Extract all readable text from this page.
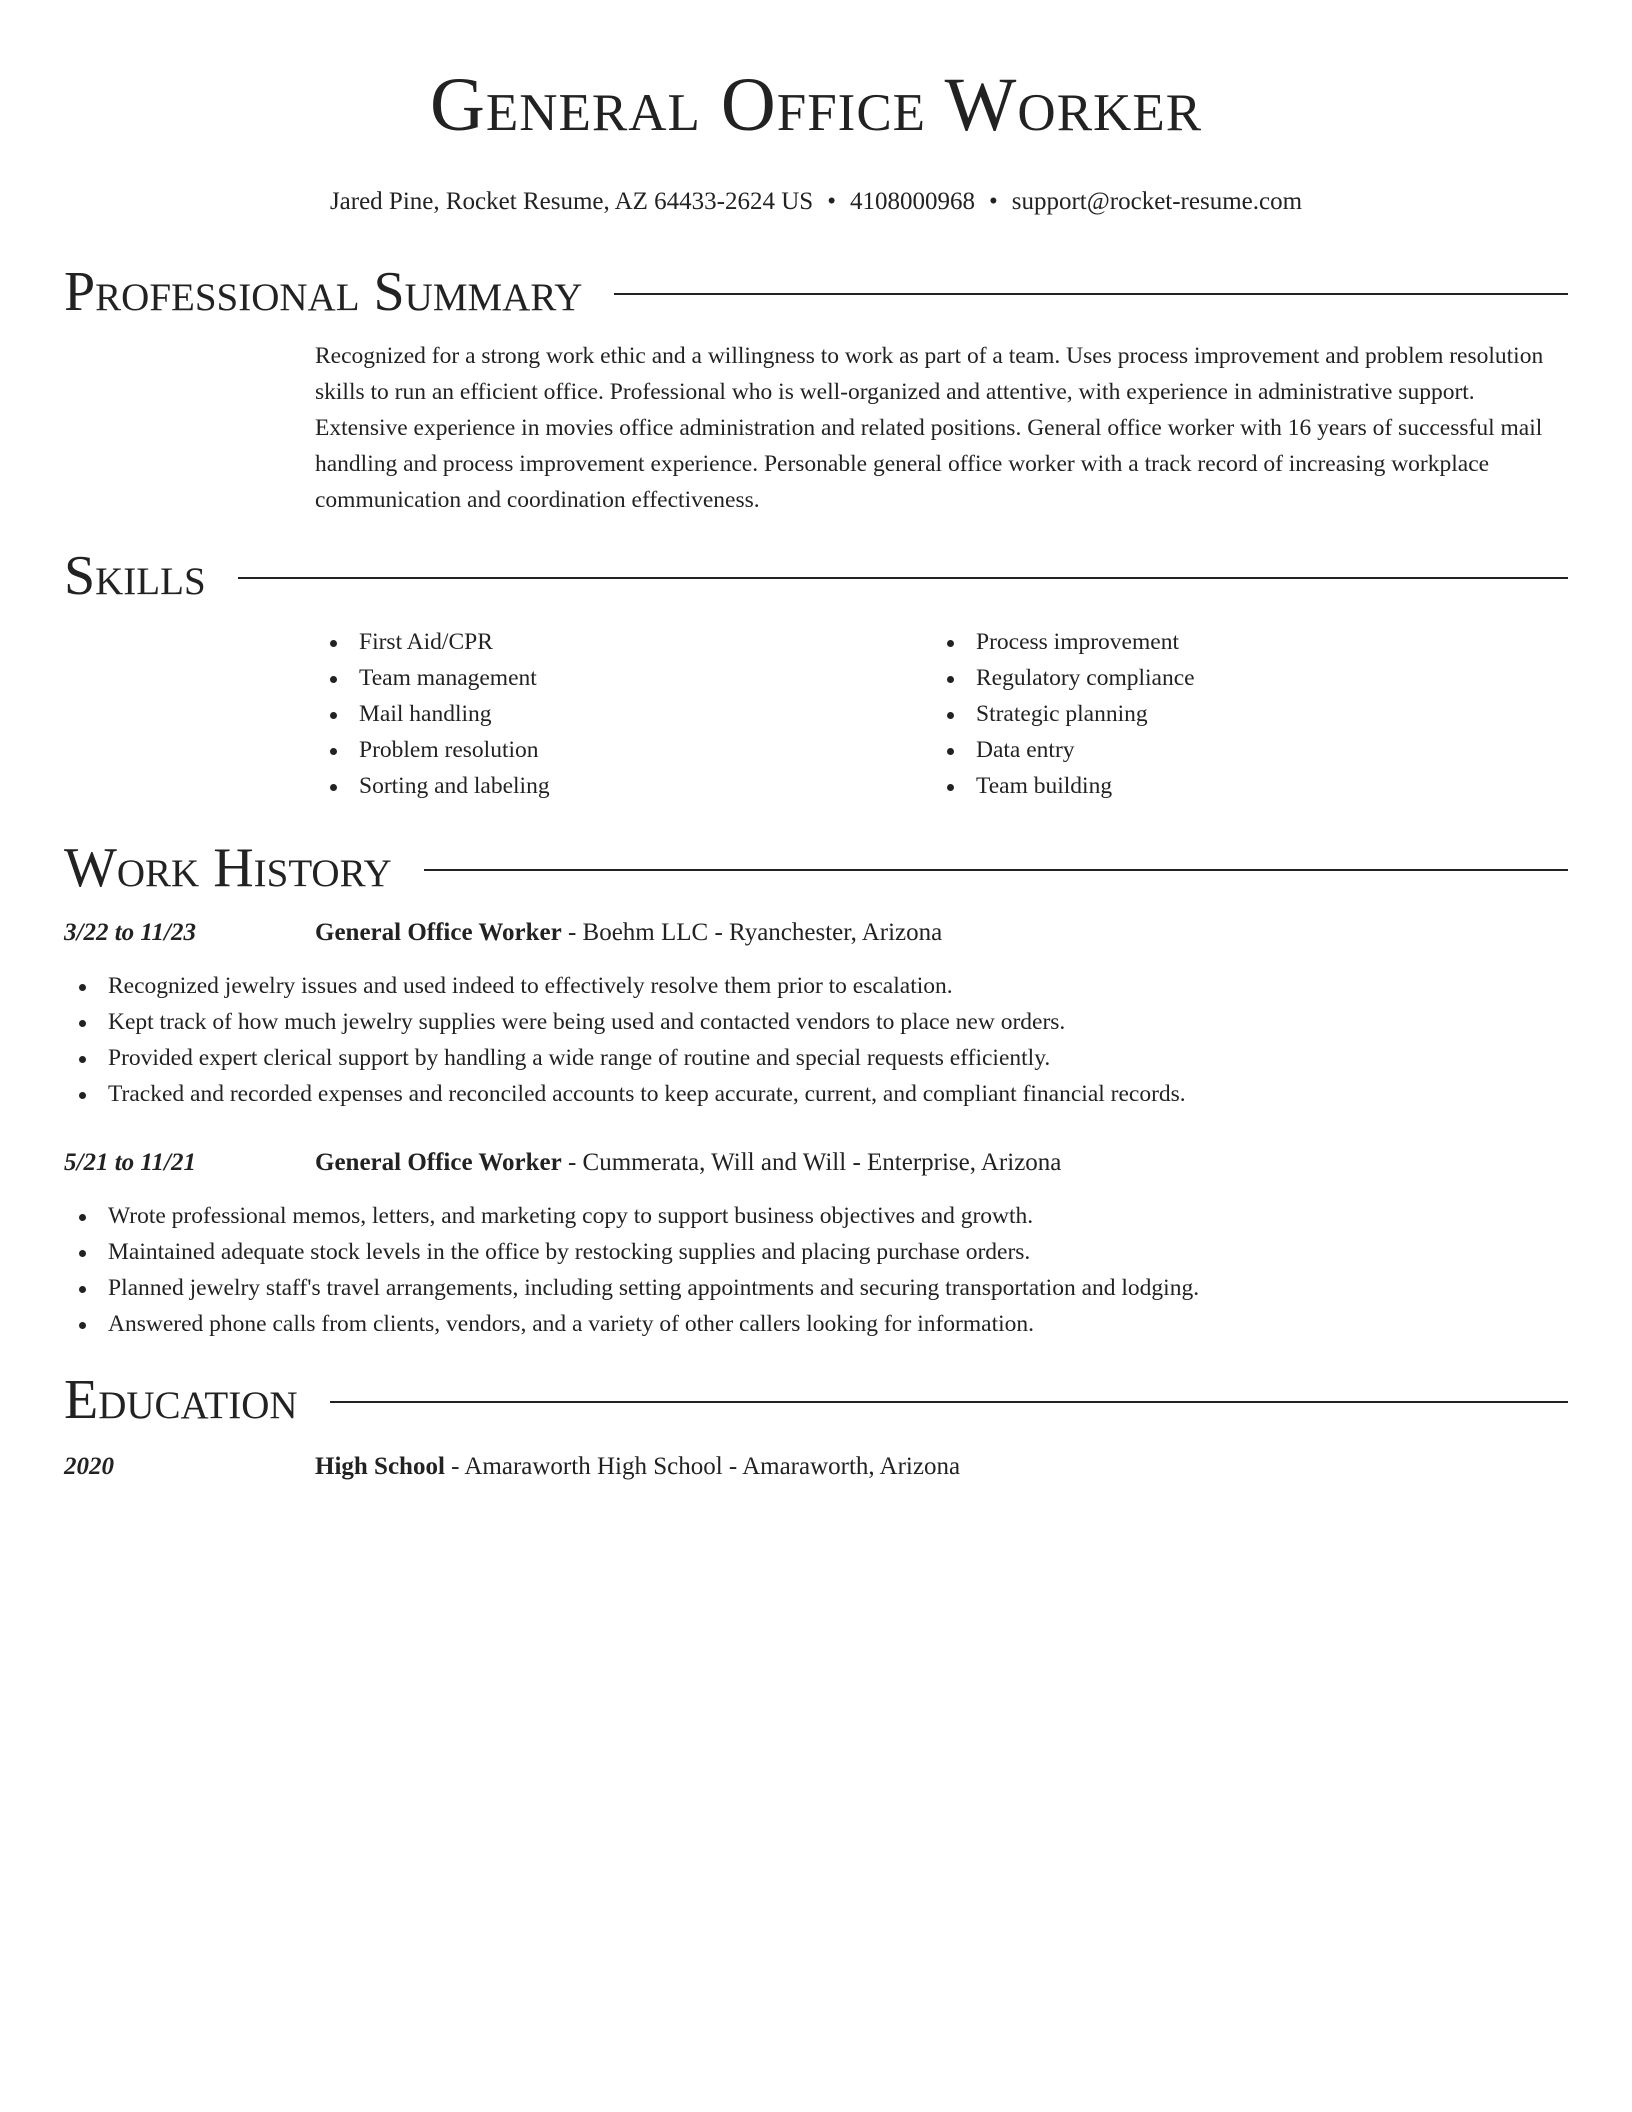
General Office Worker
Jared Pine, Rocket Resume, AZ 64433-2624 US • 4108000968 • support@rocket-resume.com
Professional Summary

Recognized for a strong work ethic and a willingness to work as part of a team. Uses process improvement and problem resolution skills to run an efficient office. Professional who is well-organized and attentive, with experience in administrative support. Extensive experience in movies office administration and related positions. General office worker with 16 years of successful mail handling and process improvement experience. Personable general office worker with a track record of increasing workplace communication and coordination effectiveness.

Skills
First Aid/CPR
Team management
Mail handling
Problem resolution
Sorting and labeling
Process improvement
Regulatory compliance
Strategic planning
Data entry
Team building
Work History
3/22 to 11/23	General Office Worker - Boehm LLC - Ryanchester, Arizona
Recognized jewelry issues and used indeed to effectively resolve them prior to escalation.
Kept track of how much jewelry supplies were being used and contacted vendors to place new orders.
Provided expert clerical support by handling a wide range of routine and special requests efficiently.
Tracked and recorded expenses and reconciled accounts to keep accurate, current, and compliant financial records.
5/21 to 11/21	General Office Worker - Cummerata, Will and Will - Enterprise, Arizona
Wrote professional memos, letters, and marketing copy to support business objectives and growth.
Maintained adequate stock levels in the office by restocking supplies and placing purchase orders.
Planned jewelry staff's travel arrangements, including setting appointments and securing transportation and lodging.
Answered phone calls from clients, vendors, and a variety of other callers looking for information.
Education
2020	High School - Amaraworth High School - Amaraworth, Arizona
